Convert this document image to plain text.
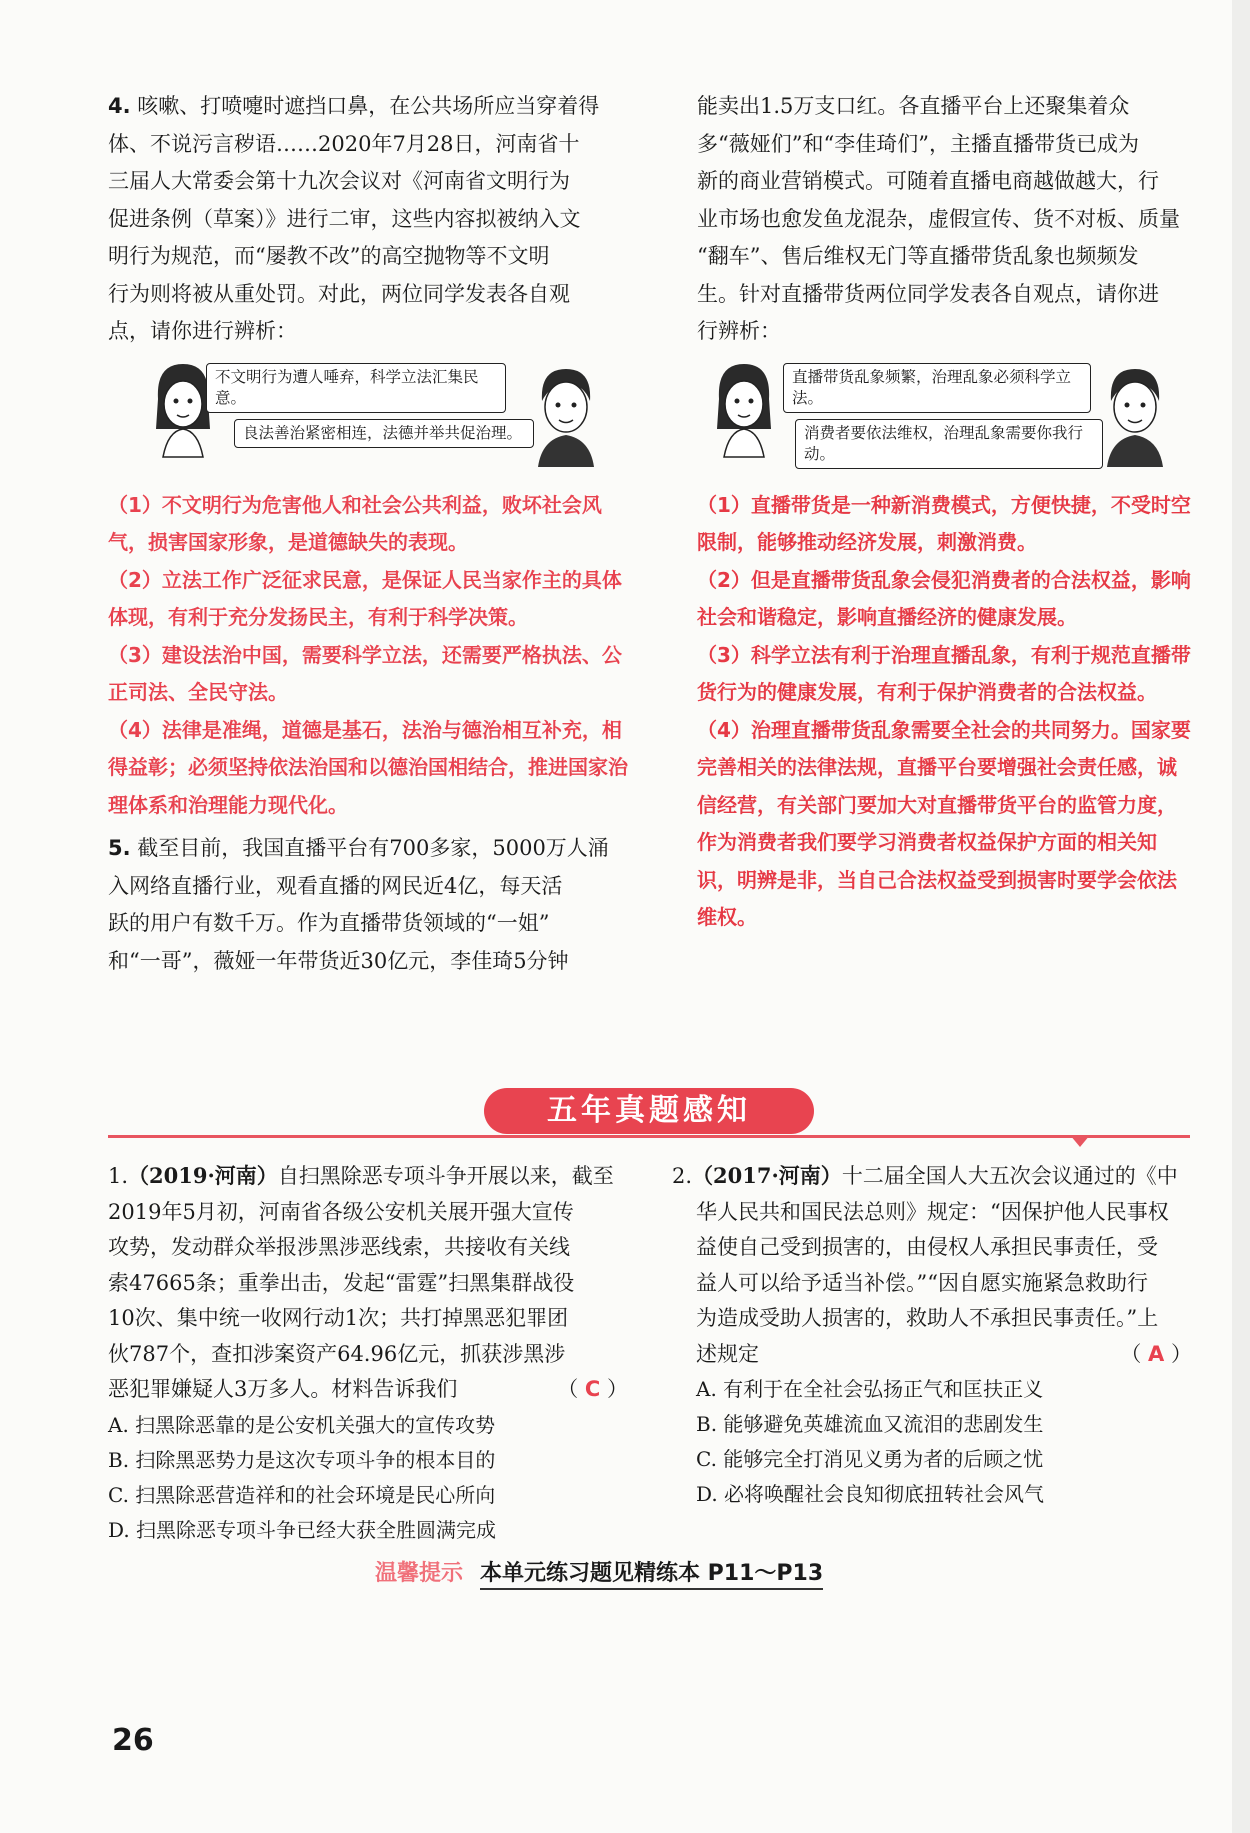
4. 咳嗽、打喷嚏时遮挡口鼻，在公共场所应当穿着得
体、不说污言秽语……2020年7月28日，河南省十
三届人大常委会第十九次会议对《河南省文明行为
促进条例（草案）》进行二审，这些内容拟被纳入文
明行为规范，而“屡教不改”的高空抛物等不文明
行为则将被从重处罚。对此，两位同学发表各自观
点，请你进行辨析：
不文明行为遭人唾弃，科学立法汇集民意。
良法善治紧密相连，法德并举共促治理。

（1）不文明行为危害他人和社会公共利益，败坏社会风气，损害国家形象，是道德缺失的表现。

（2）立法工作广泛征求民意，是保证人民当家作主的具体体现，有利于充分发扬民主，有利于科学决策。

（3）建设法治中国，需要科学立法，还需要严格执法、公正司法、全民守法。

（4）法律是准绳，道德是基石，法治与德治相互补充，相得益彰；必须坚持依法治国和以德治国相结合，推进国家治理体系和治理能力现代化。

5. 截至目前，我国直播平台有700多家，5000万人涌
入网络直播行业，观看直播的网民近4亿，每天活
跃的用户有数千万。作为直播带货领域的“一姐”
和“一哥”，薇娅一年带货近30亿元，李佳琦5分钟
能卖出1.5万支口红。各直播平台上还聚集着众
多“薇娅们”和“李佳琦们”，主播直播带货已成为
新的商业营销模式。可随着直播电商越做越大，行
业市场也愈发鱼龙混杂，虚假宣传、货不对板、质量
“翻车”、售后维权无门等直播带货乱象也频频发
生。针对直播带货两位同学发表各自观点，请你进
行辨析：
直播带货乱象频繁，治理乱象必须科学立法。
消费者要依法维权，治理乱象需要你我行动。

（1）直播带货是一种新消费模式，方便快捷，不受时空限制，能够推动经济发展，刺激消费。

（2）但是直播带货乱象会侵犯消费者的合法权益，影响社会和谐稳定，影响直播经济的健康发展。

（3）科学立法有利于治理直播乱象，有利于规范直播带货行为的健康发展，有利于保护消费者的合法权益。

（4）治理直播带货乱象需要全社会的共同努力。国家要完善相关的法律法规，直播平台要增强社会责任感，诚信经营，有关部门要加大对直播带货平台的监管力度，作为消费者我们要学习消费者权益保护方面的相关知识，明辨是非，当自己合法权益受到损害时要学会依法维权。

五年真题感知
1.（2019·河南）自扫黑除恶专项斗争开展以来，截至
2019年5月初，河南省各级公安机关展开强大宣传
攻势，发动群众举报涉黑涉恶线索，共接收有关线
索47665条；重拳出击，发起“雷霆”扫黑集群战役
10次、集中统一收网行动1次；共打掉黑恶犯罪团
伙787个，查扣涉案资产64.96亿元，抓获涉黑涉
恶犯罪嫌疑人3万多人。材料告诉我们	（ C ）
A. 扫黑除恶靠的是公安机关强大的宣传攻势
B. 扫除黑恶势力是这次专项斗争的根本目的
C. 扫黑除恶营造祥和的社会环境是民心所向
D. 扫黑除恶专项斗争已经大获全胜圆满完成
2.（2017·河南）十二届全国人大五次会议通过的《中
华人民共和国民法总则》规定：“因保护他人民事权
益使自己受到损害的，由侵权人承担民事责任，受
益人可以给予适当补偿。”“因自愿实施紧急救助行
为造成受助人损害的，救助人不承担民事责任。”上
述规定	（ A ）
A. 有利于在全社会弘扬正气和匡扶正义
B. 能够避免英雄流血又流泪的悲剧发生
C. 能够完全打消见义勇为者的后顾之忧
D. 必将唤醒社会良知彻底扭转社会风气
温馨提示 本单元练习题见精练本 P11～P13
26
